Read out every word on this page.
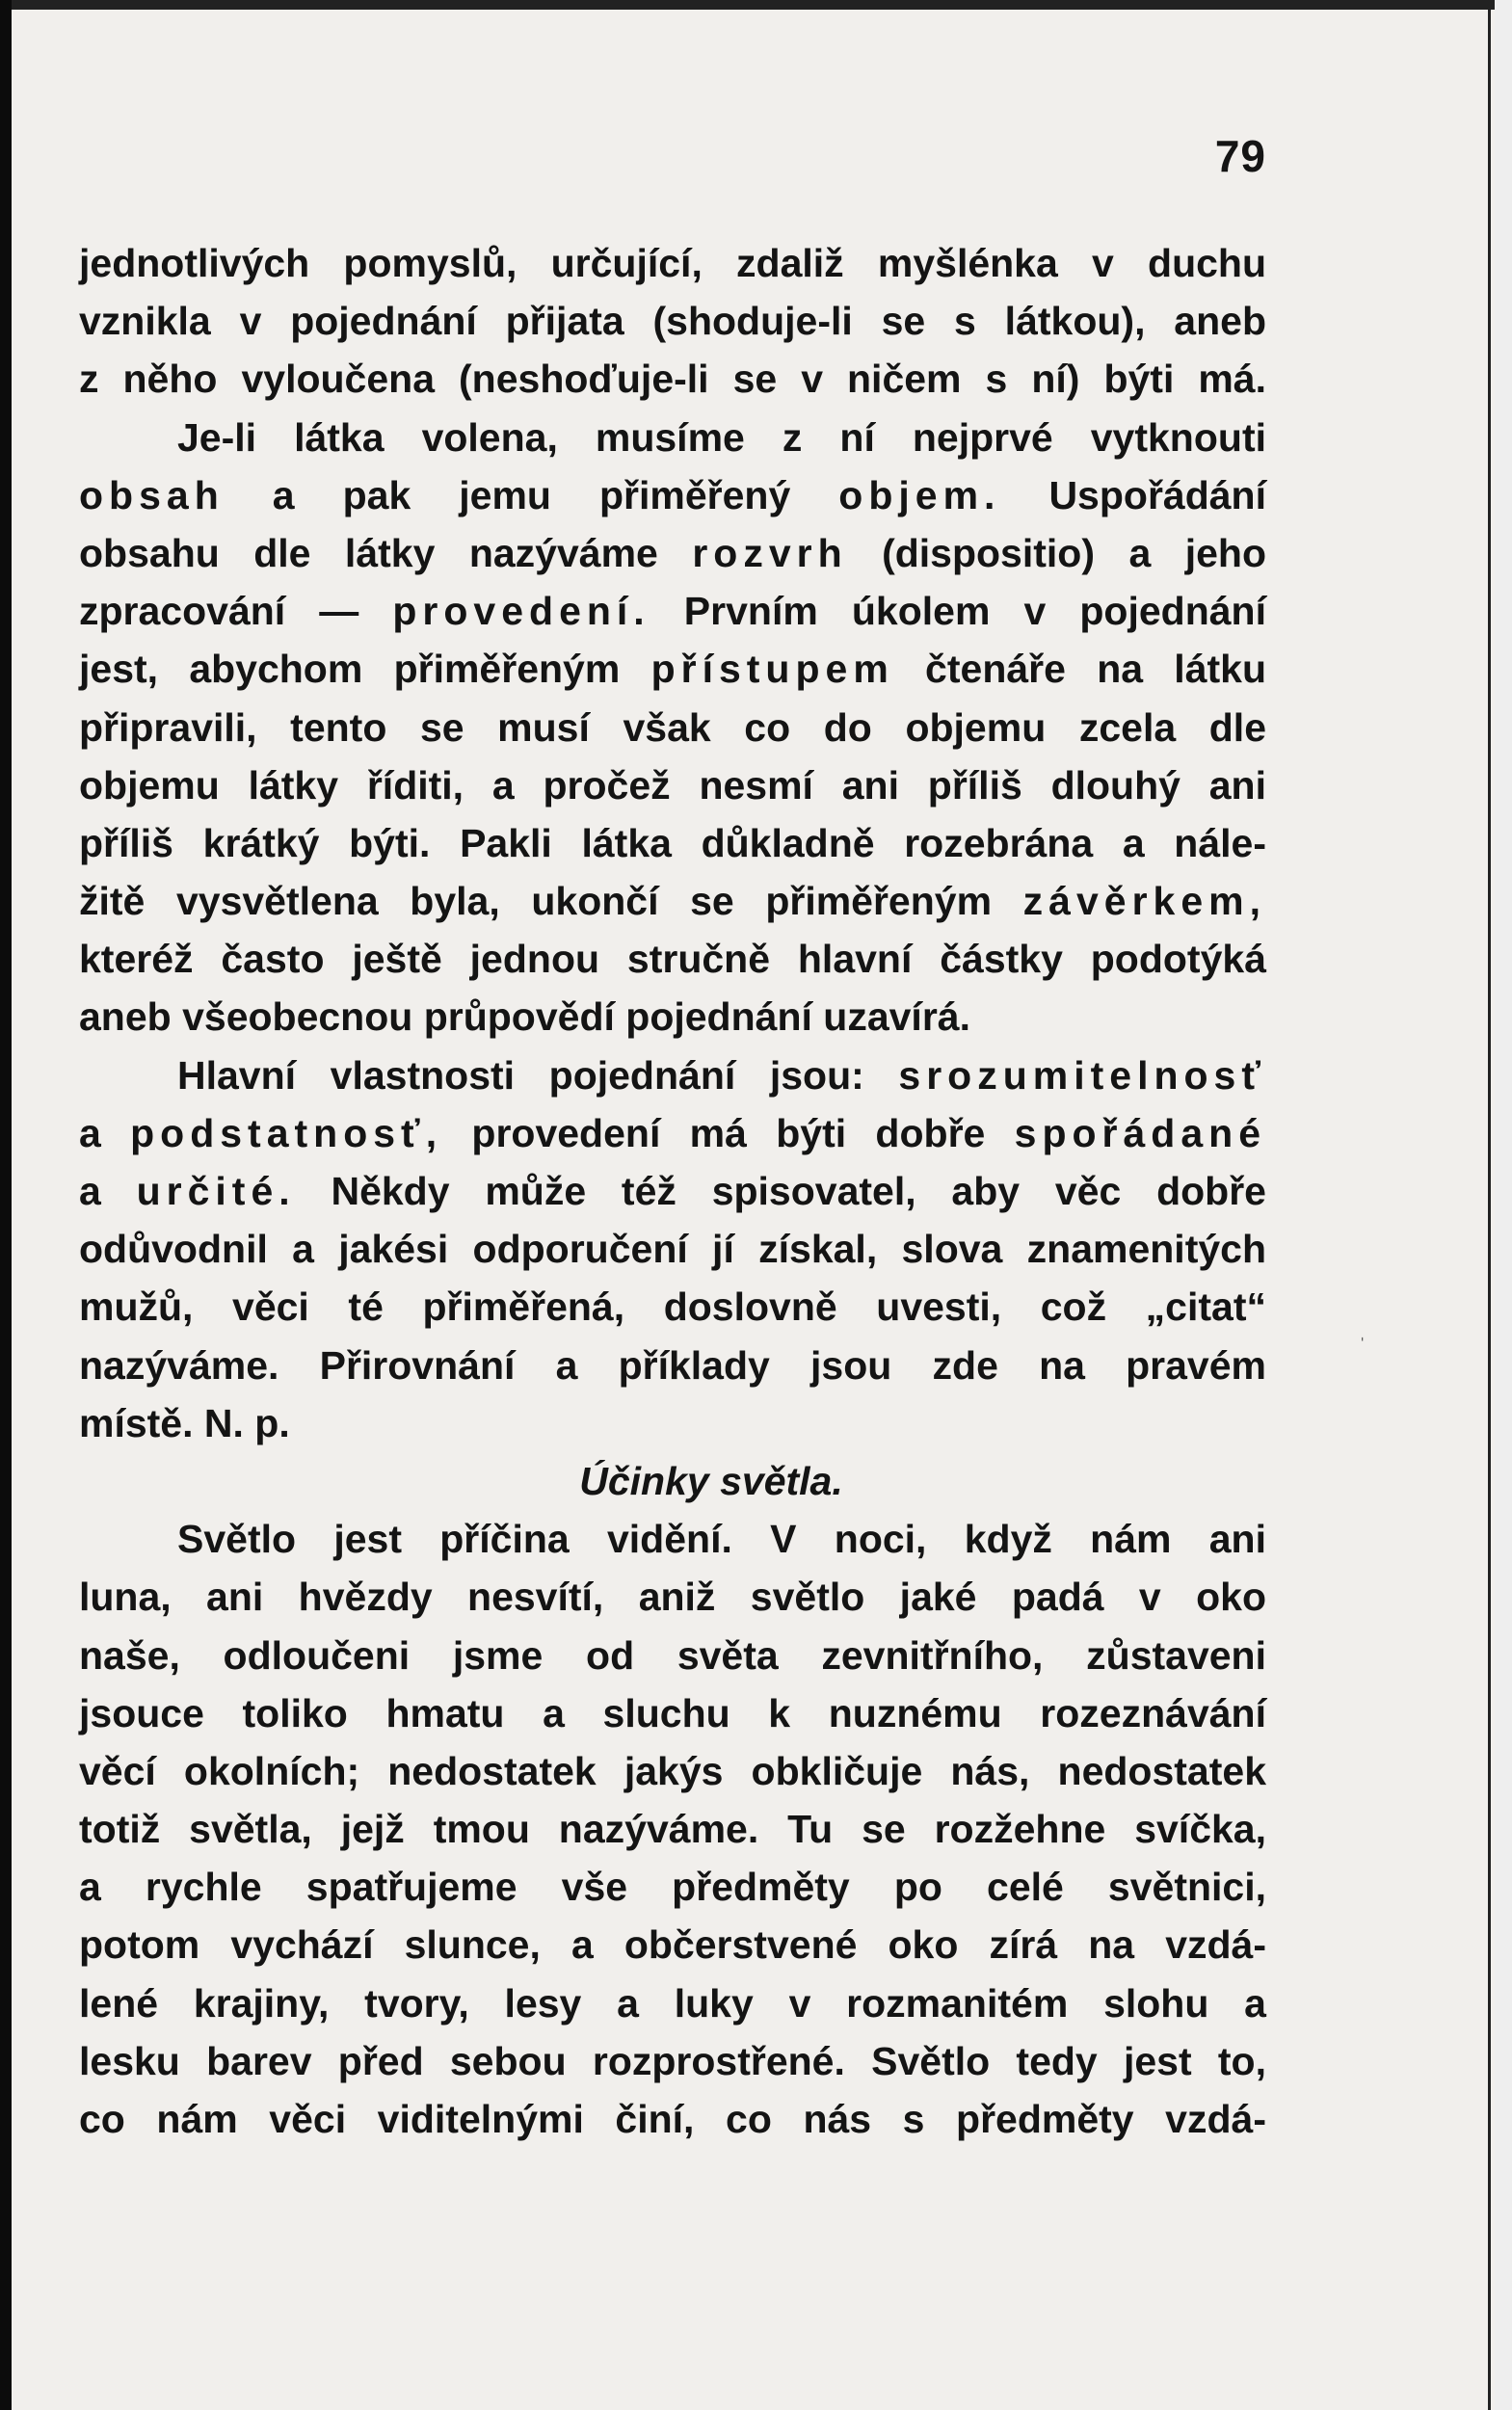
79
jednotlivých pomyslů, určující, zdaliž myšlénka v duchu
vznikla v pojednání přijata (shoduje-li se s látkou), aneb
z něho vyloučena (neshoďuje-li se v ničem s ní) býti má.
Je-li látka volena, musíme z ní nejprvé vytknouti
obsah a pak jemu přiměřený objem. Uspořádání
obsahu dle látky nazýváme rozvrh (dispositio) a jeho
zpracování — provedení. Prvním úkolem v pojednání
jest, abychom přiměřeným přístupem čtenáře na látku
připravili, tento se musí však co do objemu zcela dle
objemu látky říditi, a pročež nesmí ani příliš dlouhý ani
příliš krátký býti. Pakli látka důkladně rozebrána a nále-
žitě vysvětlena byla, ukončí se přiměřeným závěrkem,
kteréž často ještě jednou stručně hlavní částky podotýká
aneb všeobecnou průpovědí pojednání uzavírá.
Hlavní vlastnosti pojednání jsou: srozumitelnosť
a podstatnosť, provedení má býti dobře spořádané
a určité. Někdy může též spisovatel, aby věc dobře
odůvodnil a jakési odporučení jí získal, slova znamenitých
mužů, věci té přiměřená, doslovně uvesti, což „citat“
nazýváme. Přirovnání a příklady jsou zde na pravém
místě. N. p.
Účinky světla.
Světlo jest příčina vidění. V noci, když nám ani
luna, ani hvězdy nesvítí, aniž světlo jaké padá v oko
naše, odloučeni jsme od světa zevnitřního, zůstaveni
jsouce toliko hmatu a sluchu k nuznému rozeznávání
věcí okolních; nedostatek jakýs obkličuje nás, nedostatek
totiž světla, jejž tmou nazýváme. Tu se rozžehne svíčka,
a rychle spatřujeme vše předměty po celé světnici,
potom vychází slunce, a občerstvené oko zírá na vzdá-
lené krajiny, tvory, lesy a luky v rozmanitém slohu a
lesku barev před sebou rozprostřené. Světlo tedy jest to,
co nám věci viditelnými činí, co nás s předměty vzdá-
ˌ
